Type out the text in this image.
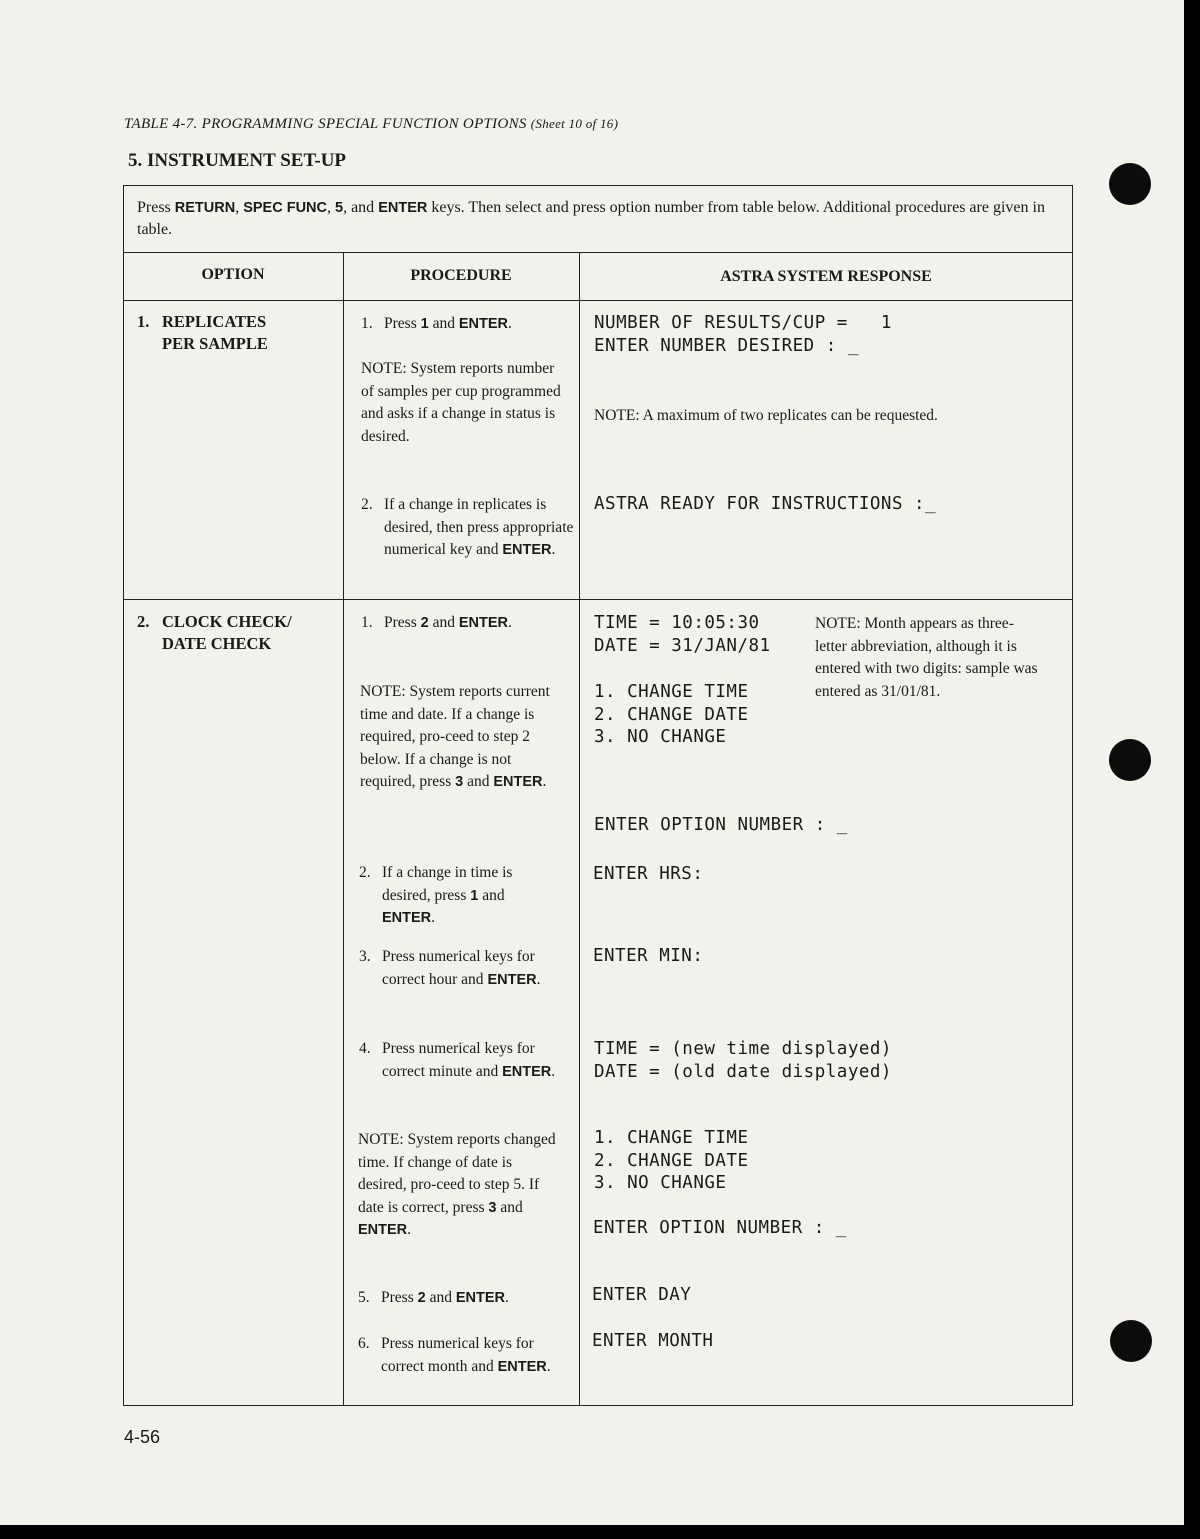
TABLE 4-7. PROGRAMMING SPECIAL FUNCTION OPTIONS (Sheet 10 of 16)
5. INSTRUMENT SET-UP
Press RETURN, SPEC FUNC, 5, and ENTER keys. Then select and press option number from table below. Additional procedures are given in table.
OPTION	PROCEDURE	ASTRA SYSTEM RESPONSE
1. REPLICATES
PER SAMPLE
1. Press 1 and ENTER.
NOTE: System reports number of samples per cup programmed and asks if a change in status is desired.
2. If a change in replicates is desired, then press appropriate numerical key and ENTER.
NUMBER OF RESULTS/CUP =   1
ENTER NUMBER DESIRED : _
NOTE: A maximum of two replicates can be requested.
ASTRA READY FOR INSTRUCTIONS :_
2. CLOCK CHECK/
DATE CHECK
1. Press 2 and ENTER.
NOTE: System reports current time and date. If a change is required, pro-ceed to step 2 below. If a change is not required, press 3 and ENTER.
2. If a change in time is desired, press 1 and ENTER.
3. Press numerical keys for correct hour and ENTER.
4. Press numerical keys for correct minute and ENTER.
NOTE: System reports changed time. If change of date is desired, pro-ceed to step 5. If date is correct, press 3 and ENTER.
5. Press 2 and ENTER.
6. Press numerical keys for correct month and ENTER.
TIME = 10:05:30
DATE = 31/JAN/81
NOTE: Month appears as three-letter abbreviation, although it is entered with two digits: sample was entered as 31/01/81.
1. CHANGE TIME
2. CHANGE DATE
3. NO CHANGE
ENTER OPTION NUMBER : _
ENTER HRS:
ENTER MIN:
TIME = (new time displayed)
DATE = (old date displayed)
1. CHANGE TIME
2. CHANGE DATE
3. NO CHANGE
ENTER OPTION NUMBER : _
ENTER DAY
ENTER MONTH
4-56
